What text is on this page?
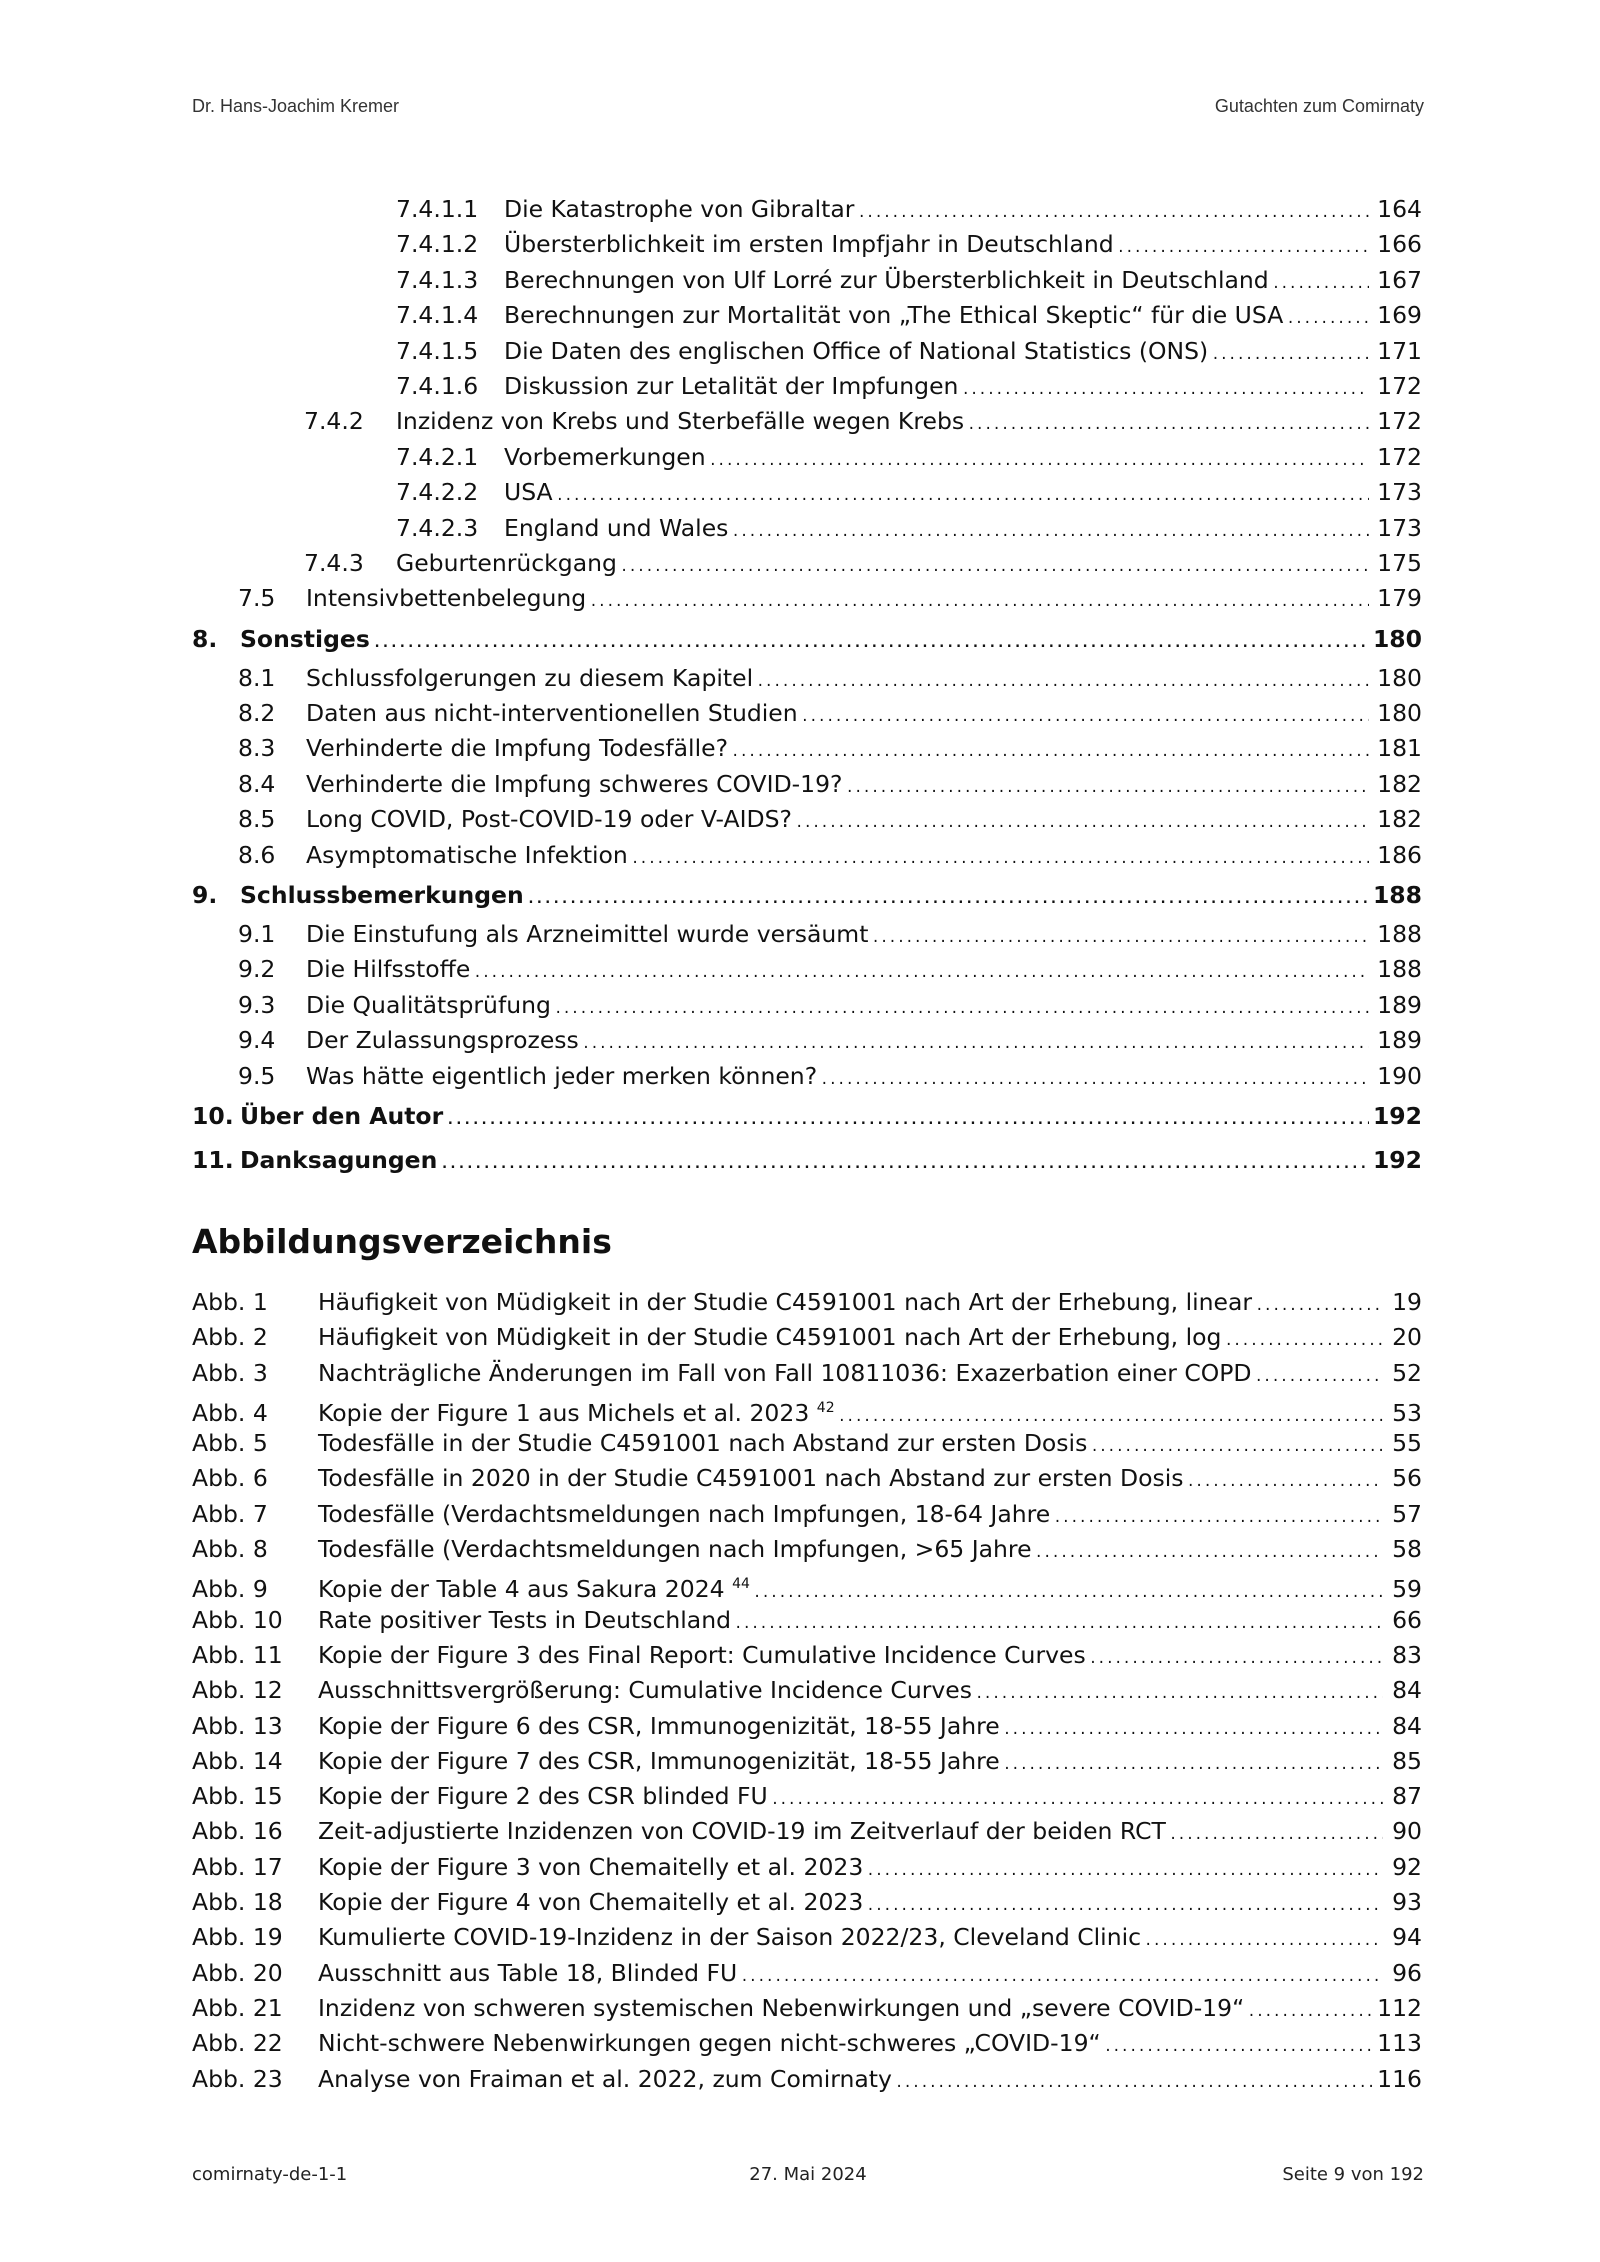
Dr. Hans-Joachim Kremer	Gutachten zum Comirnaty
7.4.1.1	Die Katastrophe von Gibraltar .....	164
7.4.1.2	Übersterblichkeit im ersten Impfjahr in Deutschland .....	166
7.4.1.3	Berechnungen von Ulf Lorré zur Übersterblichkeit in Deutschland .....	167
7.4.1.4	Berechnungen zur Mortalität von „The Ethical Skeptic“ für die USA .....	169
7.4.1.5	Die Daten des englischen Office of National Statistics (ONS) .....	171
7.4.1.6	Diskussion zur Letalität der Impfungen .....	172
7.4.2	Inzidenz von Krebs und Sterbefälle wegen Krebs .....	172
7.4.2.1	Vorbemerkungen .....	172
7.4.2.2	USA .....	173
7.4.2.3	England und Wales .....	173
7.4.3	Geburtenrückgang .....	175
7.5	Intensivbettenbelegung .....	179
8. Sonstiges .....	180
8.1	Schlussfolgerungen zu diesem Kapitel .....	180
8.2	Daten aus nicht-interventionellen Studien .....	180
8.3	Verhinderte die Impfung Todesfälle? .....	181
8.4	Verhinderte die Impfung schweres COVID-19? .....	182
8.5	Long COVID, Post-COVID-19 oder V-AIDS? .....	182
8.6	Asymptomatische Infektion .....	186
9. Schlussbemerkungen .....	188
9.1	Die Einstufung als Arzneimittel wurde versäumt .....	188
9.2	Die Hilfsstoffe .....	188
9.3	Die Qualitätsprüfung .....	189
9.4	Der Zulassungsprozess .....	189
9.5	Was hätte eigentlich jeder merken können? .....	190
10. Über den Autor .....	192
11. Danksagungen .....	192
Abbildungsverzeichnis
Abb. 1	Häufigkeit von Müdigkeit in der Studie C4591001 nach Art der Erhebung, linear .....	19
Abb. 2	Häufigkeit von Müdigkeit in der Studie C4591001 nach Art der Erhebung, log .....	20
Abb. 3	Nachträgliche Änderungen im Fall von Fall 10811036: Exazerbation einer COPD .....	52
Abb. 4	Kopie der Figure 1 aus Michels et al. 2023 $^{42}$ .....	53
Abb. 5	Todesfälle in der Studie C4591001 nach Abstand zur ersten Dosis .....	55
Abb. 6	Todesfälle in 2020 in der Studie C4591001 nach Abstand zur ersten Dosis .....	56
Abb. 7	Todesfälle (Verdachtsmeldungen nach Impfungen, 18-64 Jahre .....	57
Abb. 8	Todesfälle (Verdachtsmeldungen nach Impfungen, >65 Jahre .....	58
Abb. 9	Kopie der Table 4 aus Sakura 2024 $^{44}$ .....	59
Abb. 10	Rate positiver Tests in Deutschland .....	66
Abb. 11	Kopie der Figure 3 des Final Report: Cumulative Incidence Curves .....	83
Abb. 12	Ausschnittsvergrößerung: Cumulative Incidence Curves .....	84
Abb. 13	Kopie der Figure 6 des CSR, Immunogenizität, 18-55 Jahre .....	84
Abb. 14	Kopie der Figure 7 des CSR, Immunogenizität, 18-55 Jahre .....	85
Abb. 15	Kopie der Figure 2 des CSR blinded FU .....	87
Abb. 16	Zeit-adjustierte Inzidenzen von COVID-19 im Zeitverlauf der beiden RCT .....	90
Abb. 17	Kopie der Figure 3 von Chemaitelly et al. 2023 .....	92
Abb. 18	Kopie der Figure 4 von Chemaitelly et al. 2023 .....	93
Abb. 19	Kumulierte COVID-19-Inzidenz in der Saison 2022/23, Cleveland Clinic .....	94
Abb. 20	Ausschnitt aus Table 18, Blinded FU .....	96
Abb. 21	Inzidenz von schweren systemischen Nebenwirkungen und „severe COVID-19“ .....	112
Abb. 22	Nicht-schwere Nebenwirkungen gegen nicht-schweres „COVID-19“ .....	113
Abb. 23	Analyse von Fraiman et al. 2022, zum Comirnaty .....	116
comirnaty-de-1-1	27. Mai 2024	Seite 9 von 192
